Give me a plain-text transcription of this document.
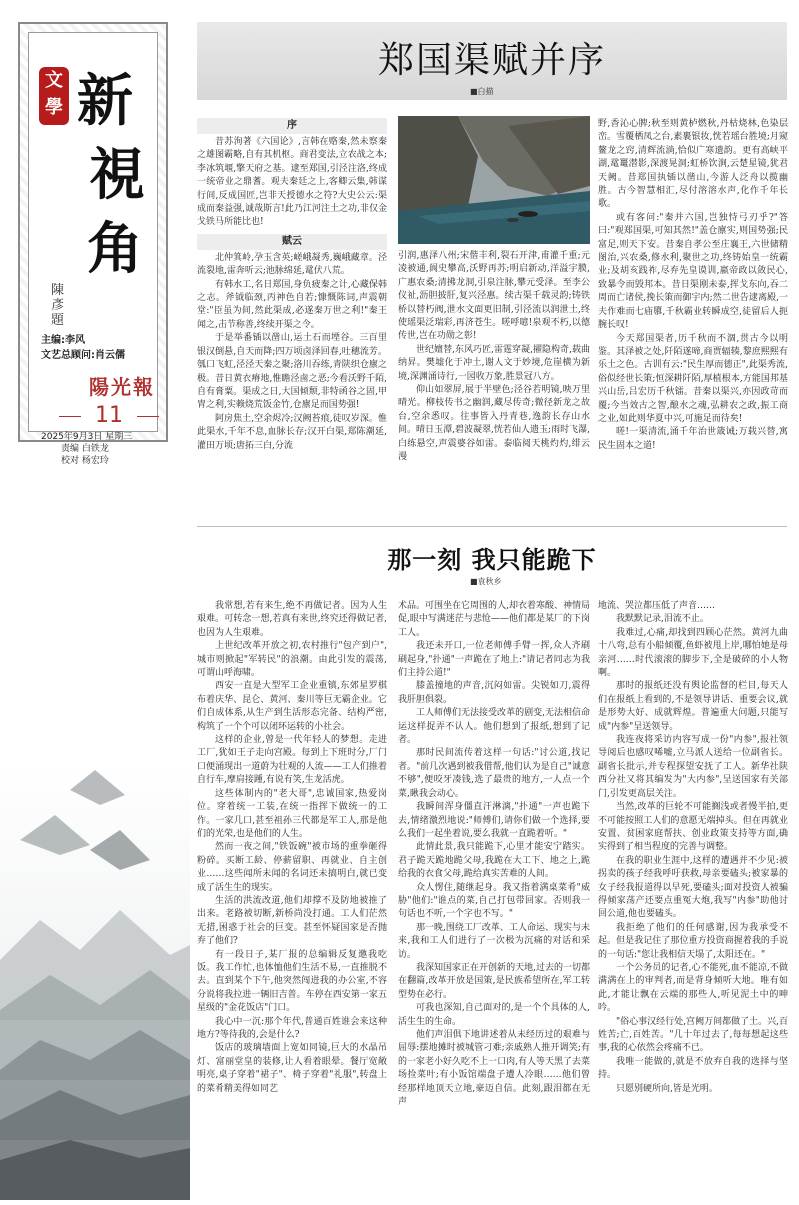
文
學 新
視
角
陳彥題
主编:李风
文艺总顾问:肖云儒
陽光報
11
2025年9月3日 星期三
责编 白铁龙
校对 杨宏玲
郑国渠赋并序
■白描
序

昔苏洵著《六国论》,言韩在赂秦,然未察秦之雄图霸略,自有其机枢。商君变法,立农战之本;李冰筑堰,擎天府之基。逮至郑国,引泾注洛,终成一统帝业之鼎蓍。观夫秦廷之上,客卿云集,韩谋行间,反成国匠,岂非天授德水之符?大史公云:渠成而秦益强,诚哉斯言!此乃江河注土之功,非仅金戈铁马所能比也!

赋云

北仲箕岭,孕玉含英;嵯峨凝秀,巍峨藏章。泾流裂地,雷奔听云;池脉绵延,鼋伏八荒。

有韩水工,名日郑国,身负疲秦之计,心藏保韩之志。斧钺临颈,丙神色自若;慷慨陈词,声震朝堂:"臣虽为间,然此渠成,必遂秦万世之利!"秦王闻之,击节称善,终续开渠之令。

于是举番锸以凿山,运土石而堙谷。三百里银汉倒悬,自天而降;四万顷卤泽回春,吐穗流芳。瓠口飞虹,泾泾天秦之聚;洛川吞练,青陕织仓廪之极。昔日黄衣瘠地,惟瞻泾鹵之恶;今看沃野千陌,自有膏粟。渠成之日,大国倾颓,非特函谷之固,甲胄之利,实赖烧荒饭金竹,仓廪足而国势强!

阿房焦土,空余烬冷;汉阙苔痕,徒叹岁深。惟此渠水,千年不息,血脉长存;汉开白渠,郑陈潮延,灌田万顷;唐拓三白,分流

引润,惠泽八州;宋偕丰利,裂石开津,甫灌千重;元凌被通,阆史攀高,沃野再苏;明启新动,洋溢宇膜,广惠农桑;清拂龙洞,引泉注脉,攀元受泽。至李公仪祉,沥胆披肝,复兴泾惠。续古渠千载灵韵;铸铁桥以替朽阀,泄水文面更旧制,引泾流以润泄土,终使瑶渠泛瑞彩,再济苍生。嗟呼噫!泉观不朽,以德传世,岂在功勋之彰!

世纪嬗替,东风巧匠,雷霆穿凝,擢隐构奇,载曲纳昇。樊墟化于冲土,谢人文于妙境,危崖横为新境,深渊涌诗行,一园收万象,胜景冠八方。

仰山如翠屏,展于半壁色;泾谷若明镜,映万里晴光。柳枝传书之幽润,藏尽传奇;微径新龙之故台,空余悉叹。往事皆入丹青巷,逸韵长存山水间。晴日玉潭,碧波凝翠,恍若仙人遗玉;雨时飞瀑,白练悬空,声震婆谷如雷。泰临阅天桃灼灼,绯云漫

野,香沁心脾;秋至则黄栌燃秋,丹枯烧林,色染层峦。雪覆栖凤之台,素裹银妆,恍若瑶台胜境;月窥鳌龙之窍,清辉流淌,恰似广寒遗韵。更有高峡平湖,鼋鼍潜影,深渡晃洞;虹桥饮涧,云楚星镜,犹君天阙。昔郑国执锸以凿山,今游人泛舟以揽幽胜。古今智慧相汇,尽付溶溶水声,化作千年长歌。

或有客问:"秦并六国,岂独恃弓刃乎?"答曰:"观郑国渠,可知其然!"盖仓廪实,则国势强;民富足,则天下安。昔秦自孝公至庄襄王,六世储精图治,兴农桑,修水利,聚世之功,终铸始皇一统霸业;及胡亥践祚,尽弃先皇谟训,嬴帝政以敛民心,致暴令而毁邦本。昔日渠刚未泰,挥戈东向,吞二周而亡诸侯,挽长策而御宇内;然二世告逮离殿,一夫作难而七庙隳,千秋霸业转瞬成空,徒留后人扼腕长叹!

今天郑国渠者,历千秋而不涸,贯古今以明鉴。其泽被之处,阡陌遂啼,商贾辐辏,黎庶熙熙有乐土之色。古训有云:"民生厚而德正",此渠秀流,俗似经世长策;恒深耕阡陌,厚植根本,方能国邦基兴山岳,吕宏历千秋镭。昔秦以渠兴,亦因政苛而覆;今当效古之智,酿水之魂,弘耕农之政,振工商之业,如此则华夏中兴,可施足而待矣!

嗟!一渠清流,涌千年治世箴诫;万载兴替,寓民生固本之道!

那一刻 我只能跪下
■袁秋乡

我常想,若有来生,绝不再做记者。因为人生艰难。可转念一想,若真有来世,终究还得做记者,也因为人生艰难。

上世纪改革开放之初,农村推行"包产到户",城市则掀起"军转民"的浪潮。由此引发的震荡,可谓山呼海啸。

西安一直是大型军工企业重镇,东郊星罗棋布着庆华、昆仑、黄河、秦川等巨无霸企业。它们自成体系,从生产到生活形态完备、结构严密,构筑了一个个可以闭环运转的小社会。

这样的企业,曾是一代年轻人的梦想。走进工厂,犹如王子走向宫殿。每到上下班时分,厂门口便涌现出一道蔚为壮观的人流——工人们推着自行车,摩肩接踵,有说有笑,生龙活虎。

这些体制内的"老大哥",忠诚国家,热爱岗位。穿着统一工装,在统一指挥下做统一的工作。一家几口,甚至祖孙三代都是军工人,那是他们的光荣,也是他们的人生。

然而一夜之间,"铁饭碗"被市场的重拳砸得粉碎。买断工龄、停薪留职、再就业、自主创业……这些闻所未闻的名词还未搞明白,就已变成了活生生的现实。

生活的洪流改道,他们却撑不及防地被推了出来。老路被切断,新桥尚没打通。工人们茫然无措,困惑于社会的巨变。甚至怀疑国家是否抛弃了他们?

有一段日子,某厂报的总编辑反复邀我吃饭。我工作忙,也体恤他们生活不易,一直推脱不去。直到某个下午,他突然闯进我的办公室,不容分说将我拉进一辆旧吉普。车停在西安第一家五星级的"金花饭店"门口。

我心中一沉:那个年代,普通百姓谁会来这种地方?等待我的,会是什么?

饭店的玻璃墙面上宽如同镜,巨大的水晶吊灯、富丽堂皇的装修,让人看着眼晕。餐厅宽敞明亮,桌子穿着"裙子"、椅子穿着"礼服",转盘上的菜肴精美得如同艺

术品。可围坐在它周围的人,却衣着寒酸、神情局促,眼中写满迷茫与悲怆——他们都是某厂的下岗工人。

我还未开口,一位老师傅手臂一挥,众人齐刷刷起身,"扑通"一声跪在了地上:"请记者同志为我们主持公道!"

膝盖撞地的声音,沉闷如雷。尖锐如刀,震得我肝胆俱裂。

工人师傅们无法接受改革的剧变,无法相信命运这样捉弄不认人。他们想到了报纸,想到了记者。

那时民间流传着这样一句话:"讨公道,找记者。"前几次遇到被我借帮,他们认为是自己"诚意不够",便咬牙凑钱,选了最贵的地方,一人点一个菜,瞅我会动心。

我瞬间浑身僵直汗淋漓,"扑通"一声也跪下去,情绪激烈地说:"师傅们,请你们做一个选择,要么我们一起坐着说,要么我就一直跪着听。"

此情此景,我只能跪下,心里才能安宁踏实。君子跪天跪地跪父母,我跪在大工下、地之上,跪给我的衣食父母,跪给真实苦难的人间。

众人愣住,随继起身。我又指着满桌菜肴"威胁"他们:"谁点的菜,自己打包带回家。否则我一句话也不听,一个字也不写。"

那一晚,围绕工厂改革、工人命运、现实与未来,我和工人们进行了一次极为沉痛的对话和采访。

我深知国家正在开创新的天地,过去的一切都在翻篇,改革开放是国策,是民族希望所在,军工转型势在必行。

可我也深知,自己面对的,是一个个具体的人,活生生的生命。

他们声泪俱下地讲述着从未经历过的艰难与屈辱:摆地摊时被城管刁难;亲戚熟人推开调笑;有的一家老小好久吃不上一口肉,有人等天黑了去菜场捡菜叶;有小饭馆端盘子遭人冷眼……他们曾经那样地顶天立地,豪迈自信。此刻,跟泪都在无声

地流、哭泣都压低了声音……

我默默记录,泪流不止。

我难过,心痛,却找到四顾心茫然。黄河九曲十八弯,总有小船倾覆,鱼虾被甩上岸,哪怕她是母亲河……时代滚滚的脚步下,全是破碎的小人物啊。

那时的报纸还没有舆论监督的栏目,每天人们在报纸上看到的,不是领导讲话、重要会议,就是形势大好、成就辉煌。普遍重大问题,只能写成"内参"呈送领导。

我连夜将采访内容写成一份"内参",报社领导阅后也感叹唏嘘,立马派人送给一位副省长。副省长批示,并专程探望安抚了工人。新华社陕西分社又将其编发为"大内参",呈送国家有关部门,引发更高层关注。

当然,改革的巨轮不可能搁浅或者慢半拍,更不可能按照工人们的意愿无端掉头。但在再就业安置、贫困家庭帮扶、创业政策支持等方面,确实得到了相当程度的完善与调整。

在我的职业生涯中,这样的遭遇并不少见:被拐卖的孩子经我呼吁获救,母亲要磕头;被家暴的女子经我报道得以早死,要磕头;面对投资人被骗得倾家荡产还要点重冤大炮,我写"内参"助他讨回公道,他也要磕头。

我拒绝了他们的任何感谢,因为我承受不起。但是我记住了那位重方投资商握着我的手说的一句话:"您让我相信天塌了,太阳还在。"

一个公务员的记者,心不能死,血不能凉,不做满满在上的审判者,而是背身倾听大地。唯有如此,才能让飘在云端的那些人,听见泥土中的呻吟。

"俗心事汉经行处,宫阙万间都做了土。兴,百姓苦;亡,百姓苦。"几十年过去了,每每想起这些事,我的心依然会疼痛不已。

我唯一能做的,就是不放弃自我的选择与坚持。

只愿别硬所向,皆是光明。
